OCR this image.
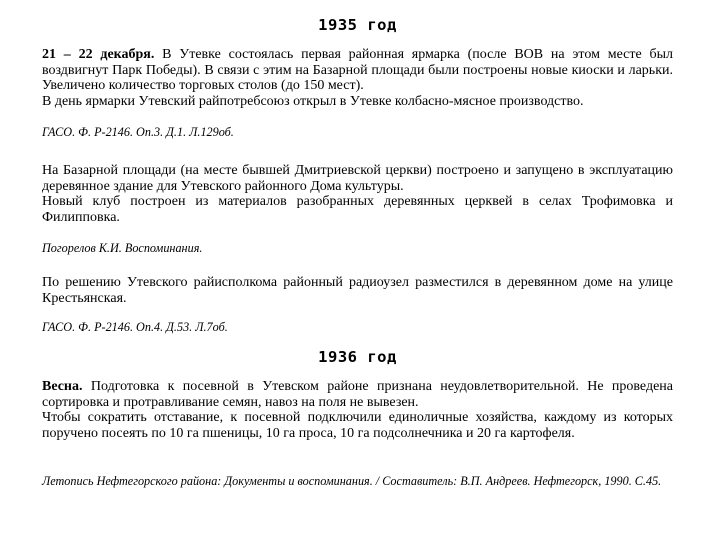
1935 год

21 – 22 декабря. В Утевке состоялась первая районная ярмарка (после ВОВ на этом месте был воздвигнут Парк Победы). В связи с этим на Базарной площади были построены новые киоски и ларьки. Увеличено количество торговых столов (до 150 мест).

В день ярмарки Утевский райпотребсоюз открыл в Утевке колбасно-мясное производство.

ГАСО. Ф. Р-2146. Оп.3. Д.1. Л.129об.

На Базарной площади (на месте бывшей Дмитриевской церкви) построено и запущено в эксплуатацию деревянное здание для Утевского районного Дома культуры.

Новый клуб построен из материалов разобранных деревянных церквей в селах Трофимовка и Филипповка.

Погорелов К.И. Воспоминания.

По решению Утевского райисполкома районный радиоузел разместился в деревянном доме на улице Крестьянская.

ГАСО. Ф. Р-2146. Оп.4. Д.53. Л.7об.

1936 год

Весна. Подготовка к посевной в Утевском районе признана неудовлетворительной. Не проведена сортировка и протравливание семян, навоз на поля не вывезен.

Чтобы сократить отставание, к посевной подключили единоличные хозяйства, каждому из которых поручено посеять по 10 га пшеницы, 10 га проса, 10 га подсолнечника и 20 га картофеля.

Летопись Нефтегорского района: Документы и воспоминания. / Составитель: В.П. Андреев. Нефтегорск, 1990. С.45.
